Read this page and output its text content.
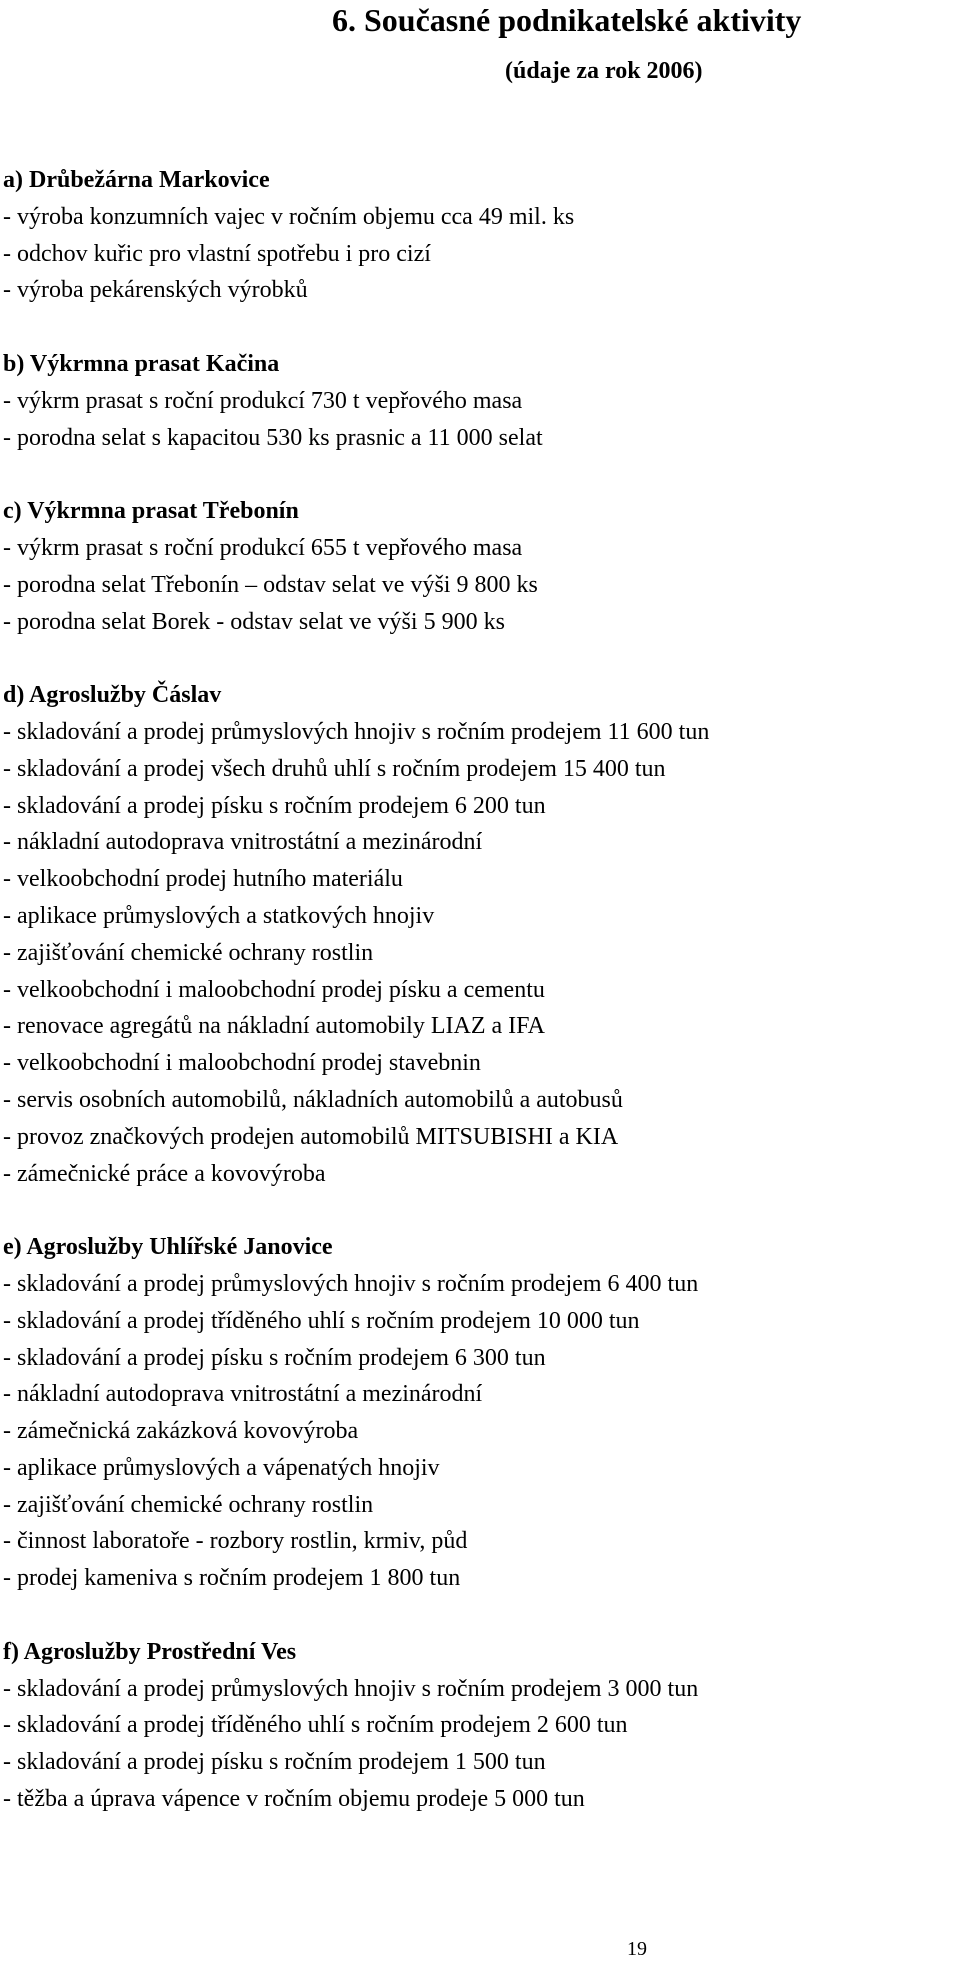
6. Současné podnikatelské aktivity
(údaje za rok 2006)
a) Drůbežárna Markovice
- výroba konzumních vajec v ročním objemu cca 49 mil. ks
- odchov kuřic pro vlastní spotřebu i pro cizí
- výroba pekárenských výrobků
b) Výkrmna prasat Kačina
- výkrm prasat s roční produkcí 730 t vepřového masa
- porodna selat s kapacitou 530 ks prasnic a 11 000 selat
c) Výkrmna prasat Třebonín
- výkrm prasat s roční produkcí 655 t vepřového masa
- porodna selat Třebonín – odstav selat ve výši 9 800 ks
- porodna selat Borek - odstav selat ve výši 5 900 ks
d) Agroslužby Čáslav
- skladování a prodej průmyslových hnojiv s ročním prodejem 11 600 tun
- skladování a prodej všech druhů uhlí s ročním prodejem 15 400 tun
- skladování a prodej písku s ročním prodejem 6 200 tun
- nákladní autodoprava vnitrostátní a mezinárodní
- velkoobchodní prodej hutního materiálu
- aplikace průmyslových a statkových hnojiv
- zajišťování chemické ochrany rostlin
- velkoobchodní i maloobchodní prodej písku a cementu
- renovace agregátů na nákladní automobily LIAZ a IFA
- velkoobchodní i maloobchodní prodej stavebnin
- servis osobních automobilů, nákladních automobilů a autobusů
- provoz značkových prodejen automobilů MITSUBISHI a KIA
- zámečnické práce a kovovýroba
e) Agroslužby Uhlířské Janovice
- skladování a prodej průmyslových hnojiv s ročním prodejem 6 400 tun
- skladování a prodej tříděného uhlí s ročním prodejem 10 000 tun
- skladování a prodej písku s ročním prodejem 6 300 tun
- nákladní autodoprava vnitrostátní a mezinárodní
- zámečnická zakázková kovovýroba
- aplikace průmyslových a vápenatých hnojiv
- zajišťování chemické ochrany rostlin
- činnost laboratoře - rozbory rostlin, krmiv, půd
- prodej kameniva s ročním prodejem 1 800 tun
f) Agroslužby Prostřední Ves
- skladování a prodej průmyslových hnojiv s ročním prodejem 3 000 tun
- skladování a prodej tříděného uhlí s ročním prodejem 2 600 tun
- skladování a prodej písku s ročním prodejem 1 500 tun
- těžba a úprava vápence v ročním objemu prodeje 5 000 tun
19
